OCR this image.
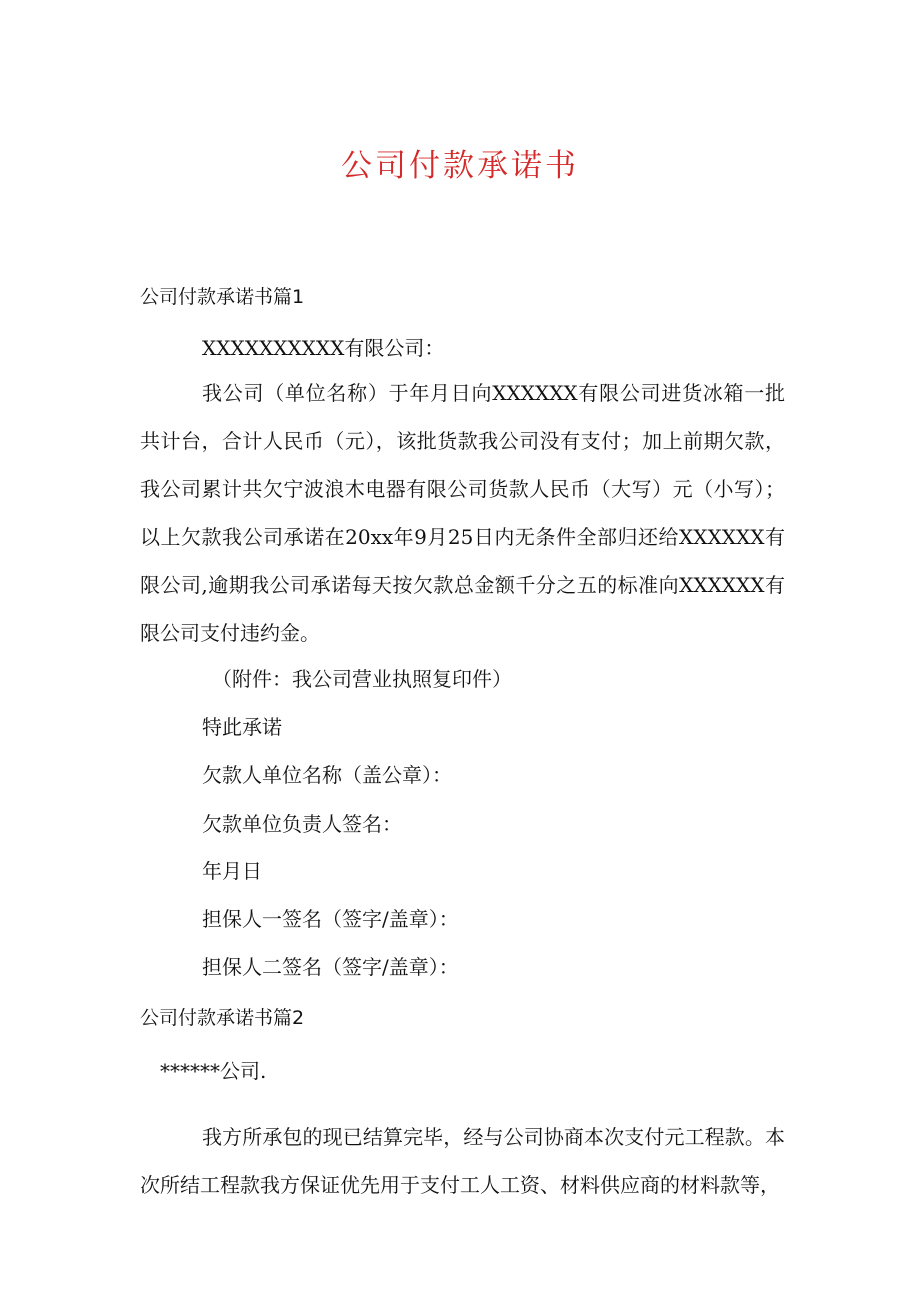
公司付款承诺书

公司付款承诺书篇1

XXXXXXXXXX有限公司：

我公司（单位名称）于年月日向XXXXXX有限公司进货冰箱一批共计台，合计人民币（元），该批货款我公司没有支付；加上前期欠款，我公司累计共欠宁波浪木电器有限公司货款人民币（大写）元（小写）；以上欠款我公司承诺在20xx年9月25日内无条件全部归还给XXXXXX有限公司,逾期我公司承诺每天按欠款总金额千分之五的标准向XXXXXX有限公司支付违约金。

（附件：我公司营业执照复印件）

特此承诺

欠款人单位名称（盖公章）：

欠款单位负责人签名：

年月日

担保人一签名（签字/盖章）：

担保人二签名（签字/盖章）：

公司付款承诺书篇2

******公司.

我方所承包的现已结算完毕，经与公司协商本次支付元工程款。本次所结工程款我方保证优先用于支付工人工资、材料供应商的材料款等，
